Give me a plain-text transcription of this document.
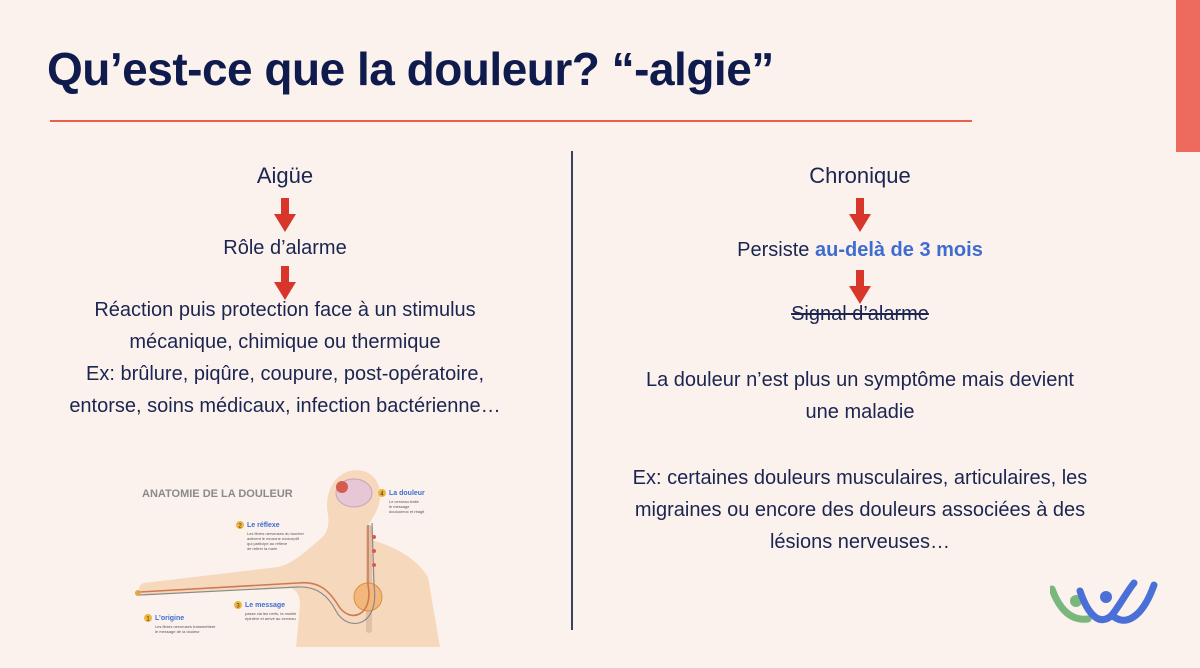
Qu’est-ce que la douleur? “-algie”

Aigüe

Rôle d’alarme
Réaction puis protection face à un stimulus
mécanique, chimique ou thermique
Ex: brûlure, piqûre, coupure, post-opératoire,
entorse, soins médicaux, infection bactérienne…
ANATOMIE DE LA DOULEUR	4 La douleur
Le cerveau traite
le message
douloureux et réagit
2 Le réflexe
Les fibres nerveuses du toucher
activent le neurone nociceptif
qui participe au réflexe
de retirer la main
3 Le message
passe via les nerfs, la moelle
épinière et arrive au cerveau
1 L’origine
Les fibres nerveuses transmettent
le message de la douleur

Chronique

Persiste au-delà de 3 mois
Signal d’alarme
La douleur n’est plus un symptôme mais devient
une maladie
Ex: certaines douleurs musculaires, articulaires, les
migraines ou encore des douleurs associées à des
lésions nerveuses…
